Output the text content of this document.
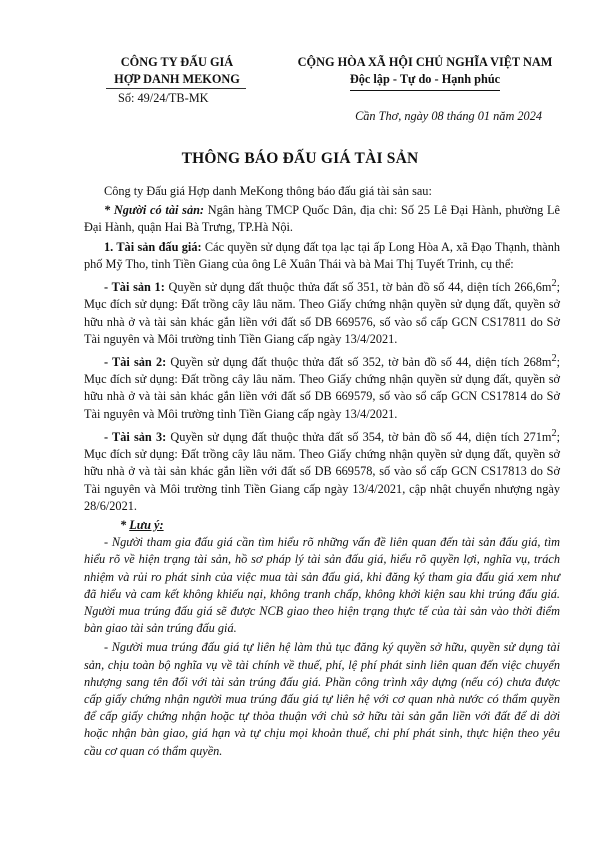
CÔNG TY ĐẤU GIÁ
HỢP DANH MEKONG
Số: 49/24/TB-MK
CỘNG HÒA XÃ HỘI CHỦ NGHĨA VIỆT NAM
Độc lập - Tự do - Hạnh phúc
Cần Thơ, ngày 08 tháng 01 năm 2024
THÔNG BÁO ĐẤU GIÁ TÀI SẢN

Công ty Đấu giá Hợp danh MeKong thông báo đấu giá tài sản sau:

* Người có tài sản: Ngân hàng TMCP Quốc Dân, địa chỉ: Số 25 Lê Đại Hành, phường Lê Đại Hành, quận Hai Bà Trưng, TP.Hà Nội.

1. Tài sản đấu giá: Các quyền sử dụng đất tọa lạc tại ấp Long Hòa A, xã Đạo Thạnh, thành phố Mỹ Tho, tỉnh Tiền Giang của ông Lê Xuân Thái và bà Mai Thị Tuyết Trinh, cụ thể:

- Tài sản 1: Quyền sử dụng đất thuộc thửa đất số 351, tờ bản đồ số 44, diện tích $266,6m^2$; Mục đích sử dụng: Đất trồng cây lâu năm. Theo Giấy chứng nhận quyền sử dụng đất, quyền sở hữu nhà ở và tài sản khác gắn liền với đất số DB 669576, số vào sổ cấp GCN CS17811 do Sở Tài nguyên và Môi trường tỉnh Tiền Giang cấp ngày 13/4/2021.

- Tài sản 2: Quyền sử dụng đất thuộc thửa đất số 352, tờ bản đồ số 44, diện tích $268m^2$; Mục đích sử dụng: Đất trồng cây lâu năm. Theo Giấy chứng nhận quyền sử dụng đất, quyền sở hữu nhà ở và tài sản khác gắn liền với đất số DB 669579, số vào sổ cấp GCN CS17814 do Sở Tài nguyên và Môi trường tỉnh Tiền Giang cấp ngày 13/4/2021.

- Tài sản 3: Quyền sử dụng đất thuộc thửa đất số 354, tờ bản đồ số 44, diện tích $271m^2$; Mục đích sử dụng: Đất trồng cây lâu năm. Theo Giấy chứng nhận quyền sử dụng đất, quyền sở hữu nhà ở và tài sản khác gắn liền với đất số DB 669578, số vào sổ cấp GCN CS17813 do Sở Tài nguyên và Môi trường tỉnh Tiền Giang cấp ngày 13/4/2021, cập nhật chuyển nhượng ngày 28/6/2021.

* Lưu ý:

- Người tham gia đấu giá cần tìm hiểu rõ những vấn đề liên quan đến tài sản đấu giá, tìm hiểu rõ về hiện trạng tài sản, hồ sơ pháp lý tài sản đấu giá, hiểu rõ quyền lợi, nghĩa vụ, trách nhiệm và rủi ro phát sinh của việc mua tài sản đấu giá, khi đăng ký tham gia đấu giá xem như đã hiểu và cam kết không khiếu nại, không tranh chấp, không khởi kiện sau khi trúng đấu giá. Người mua trúng đấu giá sẽ được NCB giao theo hiện trạng thực tế của tài sản vào thời điểm bàn giao tài sản trúng đấu giá.

- Người mua trúng đấu giá tự liên hệ làm thủ tục đăng ký quyền sở hữu, quyền sử dụng tài sản, chịu toàn bộ nghĩa vụ về tài chính về thuế, phí, lệ phí phát sinh liên quan đến việc chuyển nhượng sang tên đối với tài sản trúng đấu giá. Phần công trình xây dựng (nếu có) chưa được cấp giấy chứng nhận người mua trúng đấu giá tự liên hệ với cơ quan nhà nước có thẩm quyền để cấp giấy chứng nhận hoặc tự thỏa thuận với chủ sở hữu tài sản gắn liền với đất để di dời hoặc nhận bàn giao, giá hạn và tự chịu mọi khoản thuế, chi phí phát sinh, thực hiện theo yêu cầu cơ quan có thẩm quyền.
